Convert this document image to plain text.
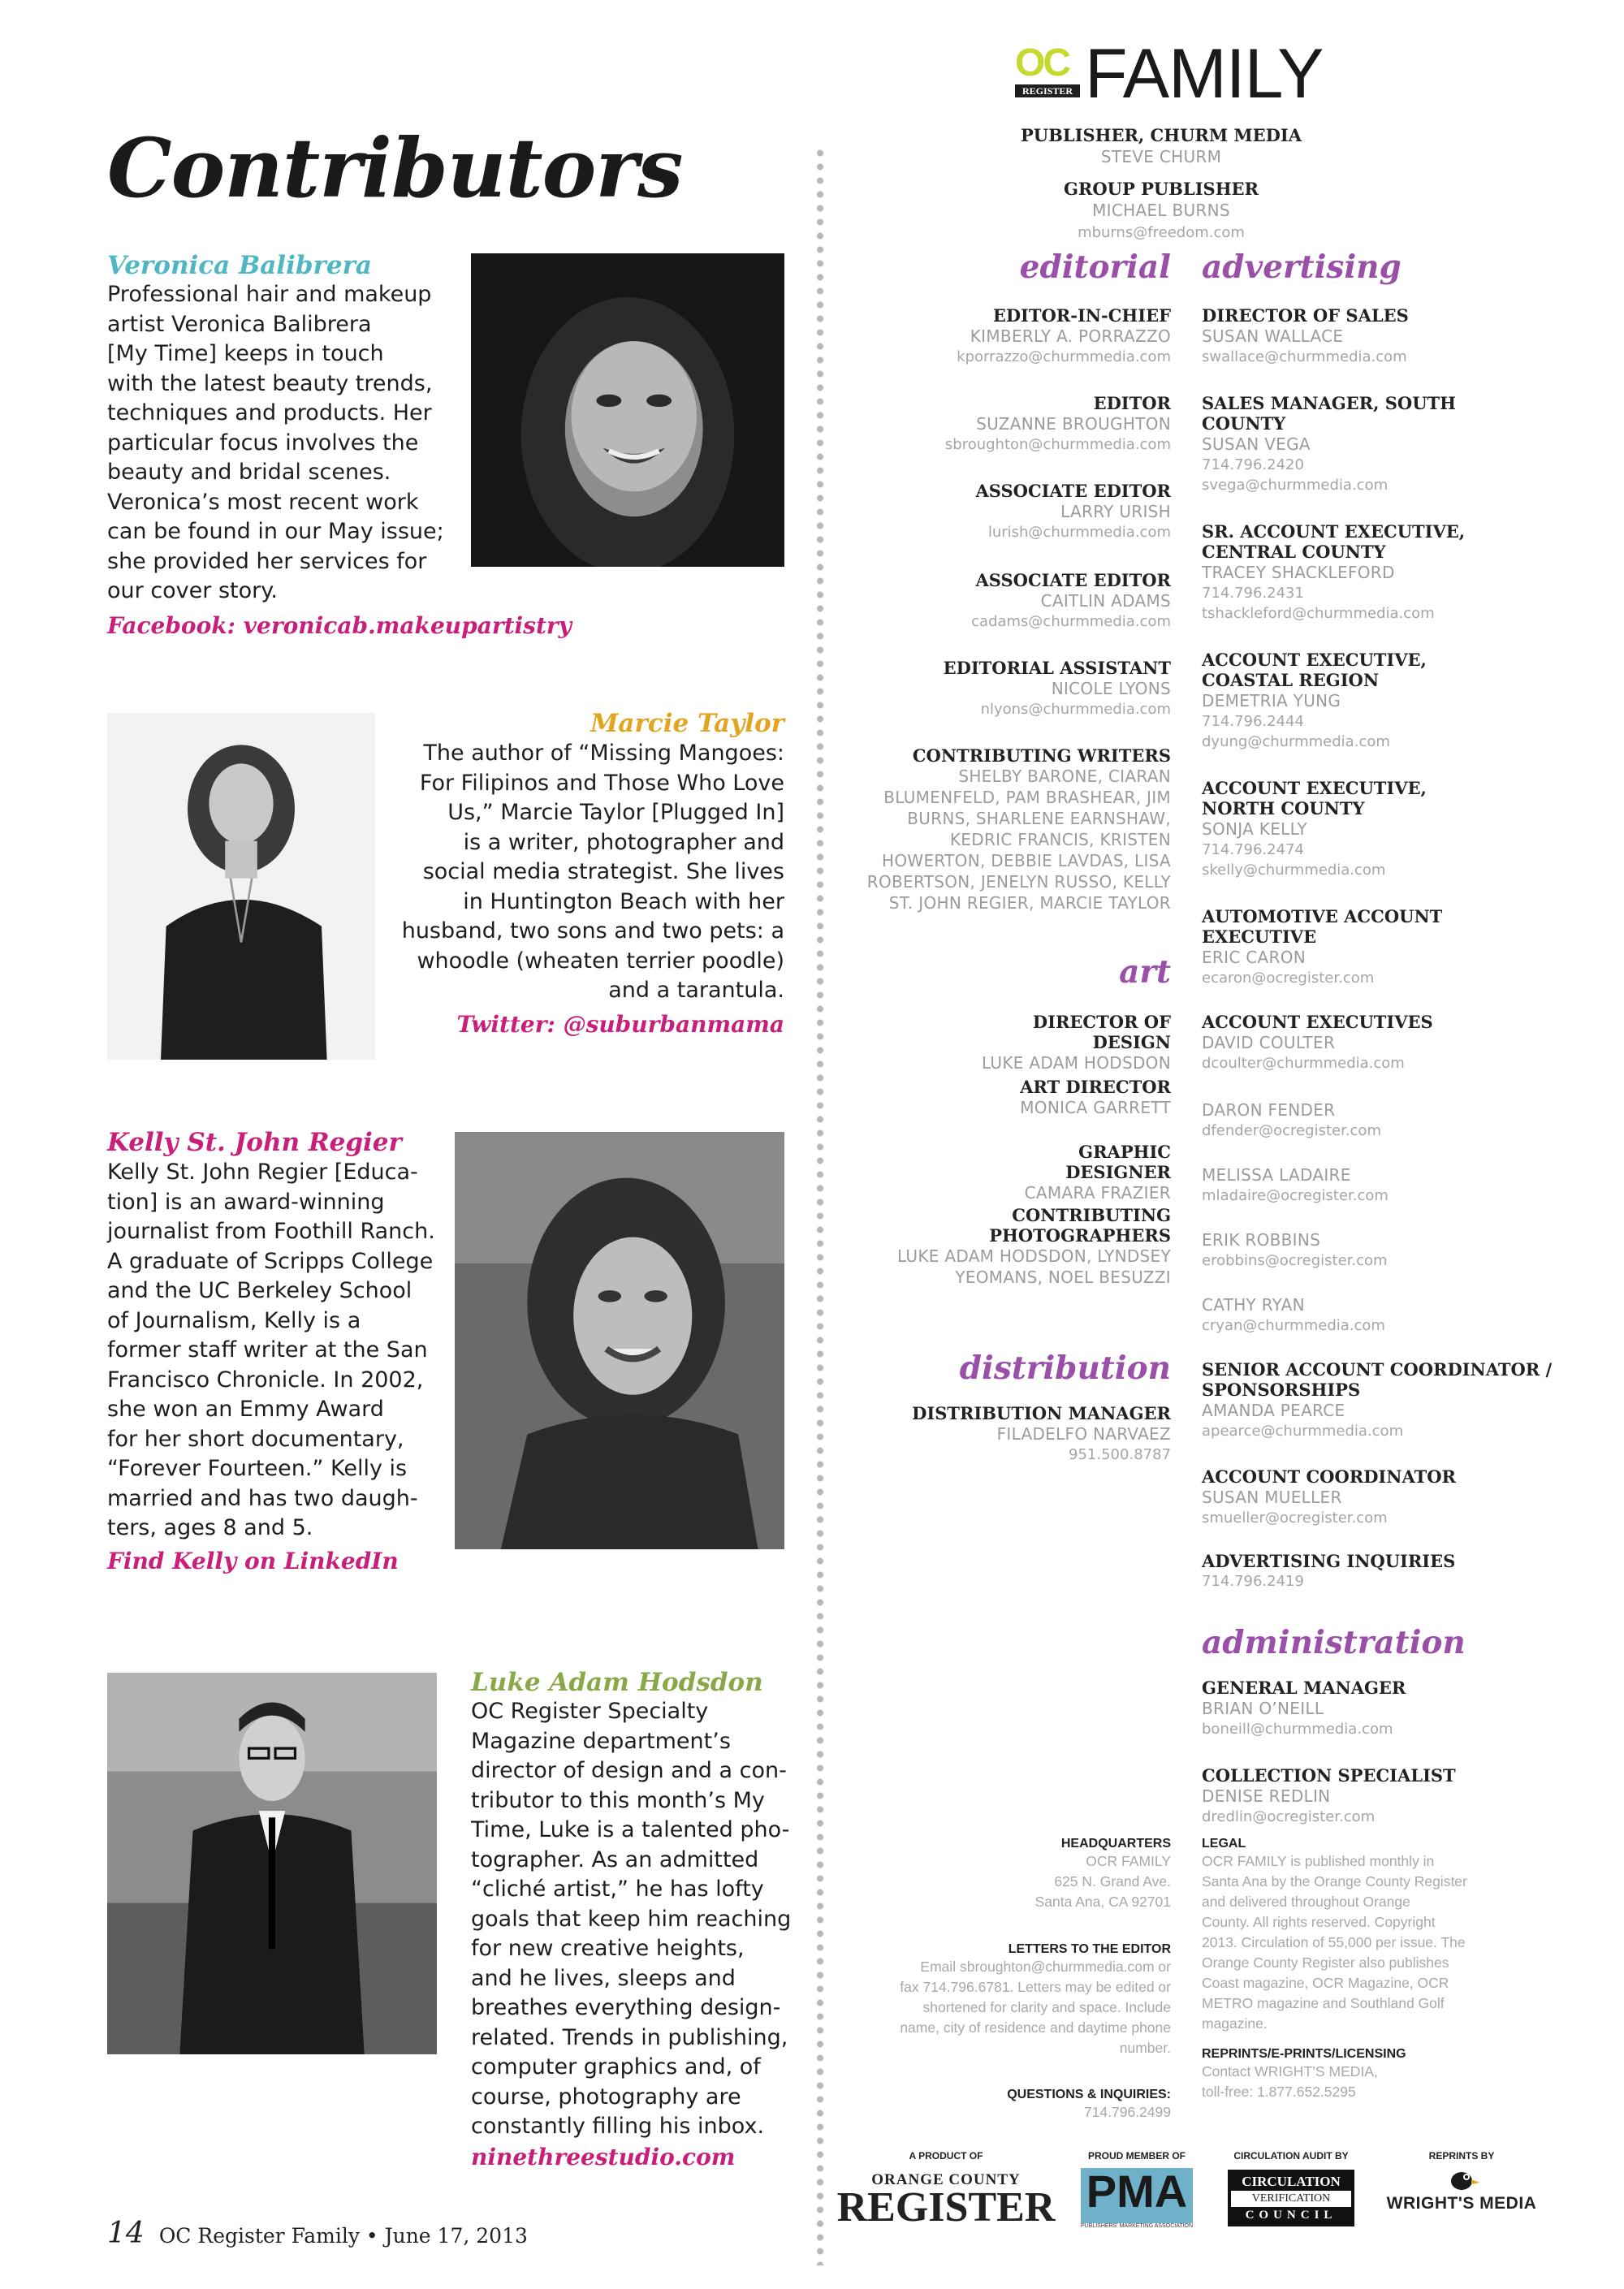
Contributors
Veronica Balibrera
Professional hair and makeup
artist Veronica Balibrera
[My Time] keeps in touch
with the latest beauty trends,
techniques and products. Her
particular focus involves the
beauty and bridal scenes.
Veronica’s most recent work
can be found in our May issue;
she provided her services for
our cover story.
Facebook: veronicab.makeupartistry
Marcie Taylor
The author of “Missing Mangoes:
For Filipinos and Those Who Love
Us,” Marcie Taylor [Plugged In]
is a writer, photographer and
social media strategist. She lives
in Huntington Beach with her
husband, two sons and two pets: a
whoodle (wheaten terrier poodle)
and a tarantula.
Twitter: @suburbanmama
Kelly St. John Regier
Kelly St. John Regier [Educa-
tion] is an award-winning
journalist from Foothill Ranch.
A graduate of Scripps College
and the UC Berkeley School
of Journalism, Kelly is a
former staff writer at the San
Francisco Chronicle. In 2002,
she won an Emmy Award
for her short documentary,
“Forever Fourteen.” Kelly is
married and has two daugh-
ters, ages 8 and 5.
Find Kelly on LinkedIn
Luke Adam Hodsdon
OC Register Specialty
Magazine department’s
director of design and a con-
tributor to this month’s My
Time, Luke is a talented pho-
tographer. As an admitted
“cliché artist,” he has lofty
goals that keep him reaching
for new creative heights,
and he lives, sleeps and
breathes everything design-
related. Trends in publishing,
computer graphics and, of
course, photography are
constantly filling his inbox.
ninethreestudio.com
14 OC Register Family • June 17, 2013
OC
REGISTER FAMILY
PUBLISHER, CHURM MEDIA
STEVE CHURM
GROUP PUBLISHER
MICHAEL BURNS
mburns@freedom.com
editorial advertising
art
distribution
administration
EDITOR-IN-CHIEF
KIMBERLY A. PORRAZZO
kporrazzo@churmmedia.com
EDITOR
SUZANNE BROUGHTON
sbroughton@churmmedia.com
ASSOCIATE EDITOR
LARRY URISH
lurish@churmmedia.com
ASSOCIATE EDITOR
CAITLIN ADAMS
cadams@churmmedia.com
EDITORIAL ASSISTANT
NICOLE LYONS
nlyons@churmmedia.com
CONTRIBUTING WRITERS
SHELBY BARONE, CIARAN
BLUMENFELD, PAM BRASHEAR, JIM
BURNS, SHARLENE EARNSHAW,
KEDRIC FRANCIS, KRISTEN
HOWERTON, DEBBIE LAVDAS, LISA
ROBERTSON, JENELYN RUSSO, KELLY
ST. JOHN REGIER, MARCIE TAYLOR
DIRECTOR OF DESIGN
LUKE ADAM HODSDON
ART DIRECTOR
MONICA GARRETT
GRAPHIC DESIGNER
CAMARA FRAZIER
CONTRIBUTING PHOTOGRAPHERS
LUKE ADAM HODSDON, LYNDSEY
YEOMANS, NOEL BESUZZI
DISTRIBUTION MANAGER
FILADELFO NARVAEZ
951.500.8787
DIRECTOR OF SALES
SUSAN WALLACE
swallace@churmmedia.com
SALES MANAGER, SOUTH COUNTY
SUSAN VEGA
714.796.2420
svega@churmmedia.com
SR. ACCOUNT EXECUTIVE, CENTRAL COUNTY
TRACEY SHACKLEFORD
714.796.2431
tshackleford@churmmedia.com
ACCOUNT EXECUTIVE, COASTAL REGION
DEMETRIA YUNG
714.796.2444
dyung@churmmedia.com
ACCOUNT EXECUTIVE, NORTH COUNTY
SONJA KELLY
714.796.2474
skelly@churmmedia.com
AUTOMOTIVE ACCOUNT EXECUTIVE
ERIC CARON
ecaron@ocregister.com
ACCOUNT EXECUTIVES
DAVID COULTER
dcoulter@churmmedia.com
DARON FENDER
dfender@ocregister.com
MELISSA LADAIRE
mladaire@ocregister.com
ERIK ROBBINS
erobbins@ocregister.com
CATHY RYAN
cryan@churmmedia.com
SENIOR ACCOUNT COORDINATOR / SPONSORSHIPS
AMANDA PEARCE
apearce@churmmedia.com
ACCOUNT COORDINATOR
SUSAN MUELLER
smueller@ocregister.com
ADVERTISING INQUIRIES
714.796.2419
GENERAL MANAGER
BRIAN O’NEILL
boneill@churmmedia.com
COLLECTION SPECIALIST
DENISE REDLIN
dredlin@ocregister.com
HEADQUARTERS
OCR FAMILY
625 N. Grand Ave.
Santa Ana, CA 92701
LETTERS TO THE EDITOR
Email sbroughton@churmmedia.com or
fax 714.796.6781. Letters may be edited or
shortened for clarity and space. Include
name, city of residence and daytime phone
number.
QUESTIONS & INQUIRIES:
714.796.2499
LEGAL
OCR FAMILY is published monthly in
Santa Ana by the Orange County Register
and delivered throughout Orange
County. All rights reserved. Copyright
2013. Circulation of 55,000 per issue. The
Orange County Register also publishes
Coast magazine, OCR Magazine, OCR
METRO magazine and Southland Golf
magazine.
REPRINTS/E-PRINTS/LICENSING
Contact WRIGHT’S MEDIA,
toll-free: 1.877.652.5295
A PRODUCT OF
ORANGE COUNTY
REGISTER
PROUD MEMBER OF
PMA
PUBLISHERS' MARKETING ASSOCIATION
CIRCULATION AUDIT BY
CIRCULATION
VERIFICATION
COUNCIL
REPRINTS BY
WRIGHT'S MEDIA
